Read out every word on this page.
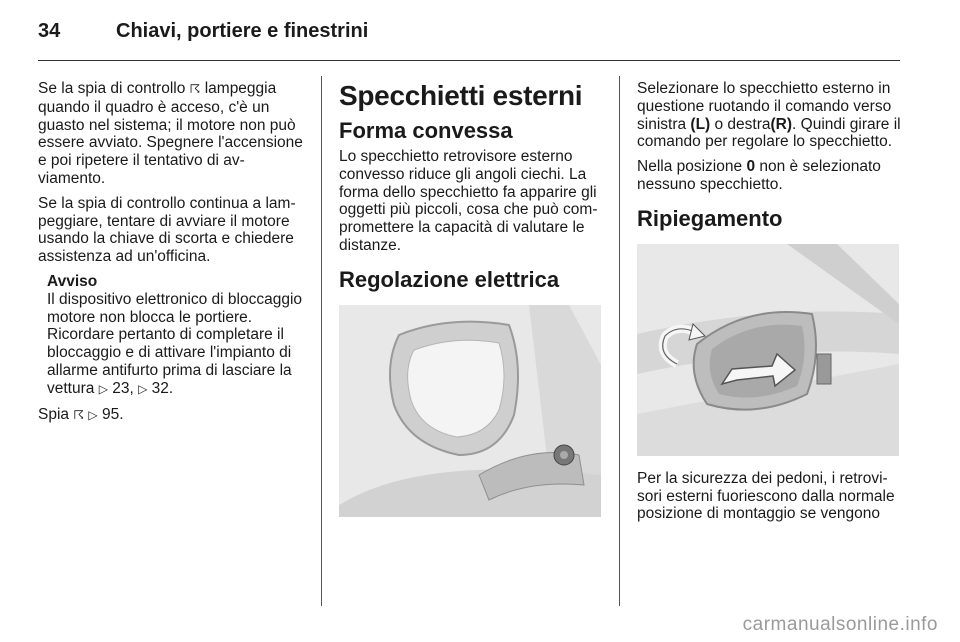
34	Chiavi, portiere e finestrini

Se la spia di controllo ☈ lampeggia quando il quadro è acceso, c'è un guasto nel sistema; il motore non può essere avviato. Spegnere l'accensione e poi ripetere il tentativo di avviamento.

Se la spia di controllo continua a lampeggiare, tentare di avviare il motore usando la chiave di scorta e chiedere assistenza ad un'officina.

Avviso

Il dispositivo elettronico di bloccaggio motore non blocca le portiere. Ricordare pertanto di completare il bloccaggio e di attivare l'impianto di allarme antifurto prima di lasciare la vettura ▷ 23, ▷ 32.

Spia ☈ ▷ 95.

Specchietti esterni
Forma convessa

Lo specchietto retrovisore esterno convesso riduce gli angoli ciechi. La forma dello specchietto fa apparire gli oggetti più piccoli, cosa che può compromettere la capacità di valutare le distanze.

Regolazione elettrica

Selezionare lo specchietto esterno in questione ruotando il comando verso sinistra (L) o destra(R). Quindi girare il comando per regolare lo specchietto.

Nella posizione 0 non è selezionato nessuno specchietto.

Ripiegamento

Per la sicurezza dei pedoni, i retrovisori esterni fuoriescono dalla normale posizione di montaggio se vengono

carmanualsonline.info
